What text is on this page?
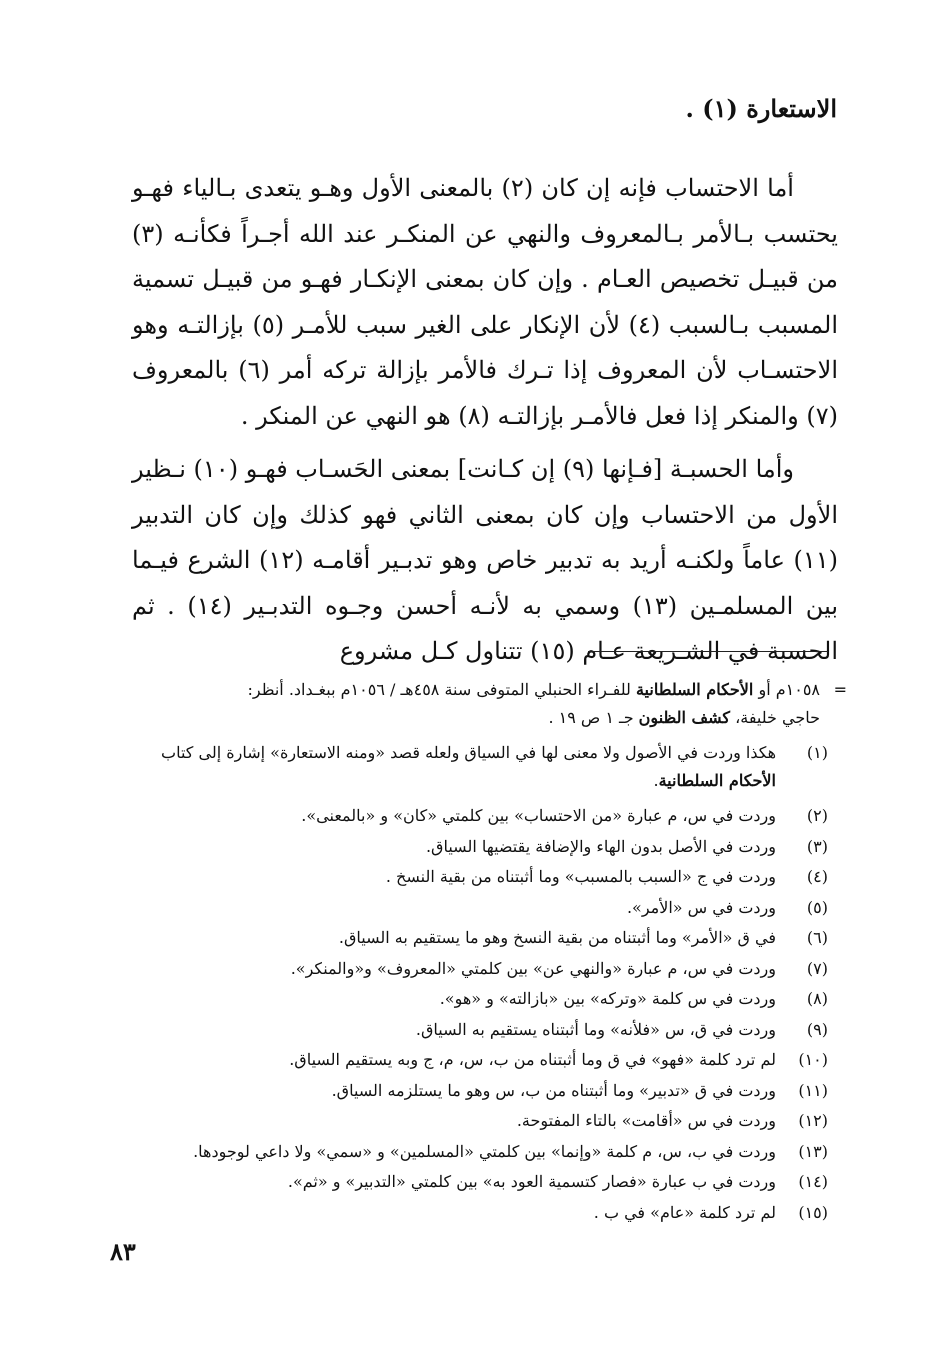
الاستعارة (١) .
أما الاحتساب فإنه إن كان (٢) بالمعنى الأول وهـو يتعدى بـالياء فهـو يحتسب بـالأمر بـالمعروف والنهي عن المنكـر عند الله أجـراً فكأنـه (٣) من قبيـل تخصيص العـام . وإن كان بمعنى الإنكـار فهـو من قبيـل تسمية المسبب بـالسبب (٤) لأن الإنكار على الغير سبب للأمـر (٥) بإزالتـه وهو الاحتسـاب لأن المعروف إذا تـرك فالأمر بإزالة تركه أمر (٦) بالمعروف (٧) والمنكر إذا فعل فالأمـر بإزالتـه (٨) هو النهي عن المنكر .
وأما الحسبـة [فـإنها (٩) إن كـانت] بمعنى الحَسـاب فهـو (١٠) نـظير الأول من الاحتساب وإن كان بمعنى الثاني فهو كذلك وإن كان التدبير (١١) عاماً ولكنـه أريد به تدبير خاص وهو تدبـير أقامـه (١٢) الشرع فيـما بين المسلمـين (١٣) وسمي به لأنـه أحسن وجـوه التدبـير (١٤) . ثم الحسبة في الشـريعة عـام (١٥) تتناول كـل مشروع
=
١٠٥٨م أو الأحكام السلطانية للفـراء الحنبلي المتوفى سنة ٤٥٨هـ / ١٠٥٦م ببغـداد. أنظر:
حاجي خليفة، كشف الظنون جـ ١ ص ١٩ .
(١)
هكذا وردت في الأصول ولا معنى لها في السياق ولعله قصد «ومنه الاستعارة» إشارة إلى كتاب الأحكام السلطانية.
(٢)
وردت في س، م عبارة «من الاحتساب» بين كلمتي «كان» و «بالمعنى».
(٣)
وردت في الأصل بدون الهاء والإضافة يقتضيها السياق.
(٤)
وردت في ج «السبب بالمسبب» وما أثبتناه من بقية النسخ .
(٥)
وردت في س «الأمر».
(٦)
في ق «الأمر» وما أثبتناه من بقية النسخ وهو ما يستقيم به السياق.
(٧)
وردت في س، م عبارة «والنهي عن» بين كلمتي «المعروف» و«والمنكر».
(٨)
وردت في س كلمة «وتركه» بين «بازالته» و «هو».
(٩)
وردت في ق، س «فلأنه» وما أثبتناه يستقيم به السياق.
(١٠)
لم ترد كلمة «فهو» في ق وما أثبتناه من ب، س، م، ج وبه يستقيم السياق.
(١١)
وردت في ق «تدبير» وما أثبتناه من ب، س وهو ما يستلزمه السياق.
(١٢)
وردت في س «أقامت» بالتاء المفتوحة.
(١٣)
وردت في ب، س، م كلمة «وإنما» بين كلمتي «المسلمين» و «سمي» ولا داعي لوجودها.
(١٤)
وردت في ب عبارة «فصار كتسمية العود به» بين كلمتي «التدبير» و «ثم».
(١٥)
لم ترد كلمة «عام» في ب .
٨٣
